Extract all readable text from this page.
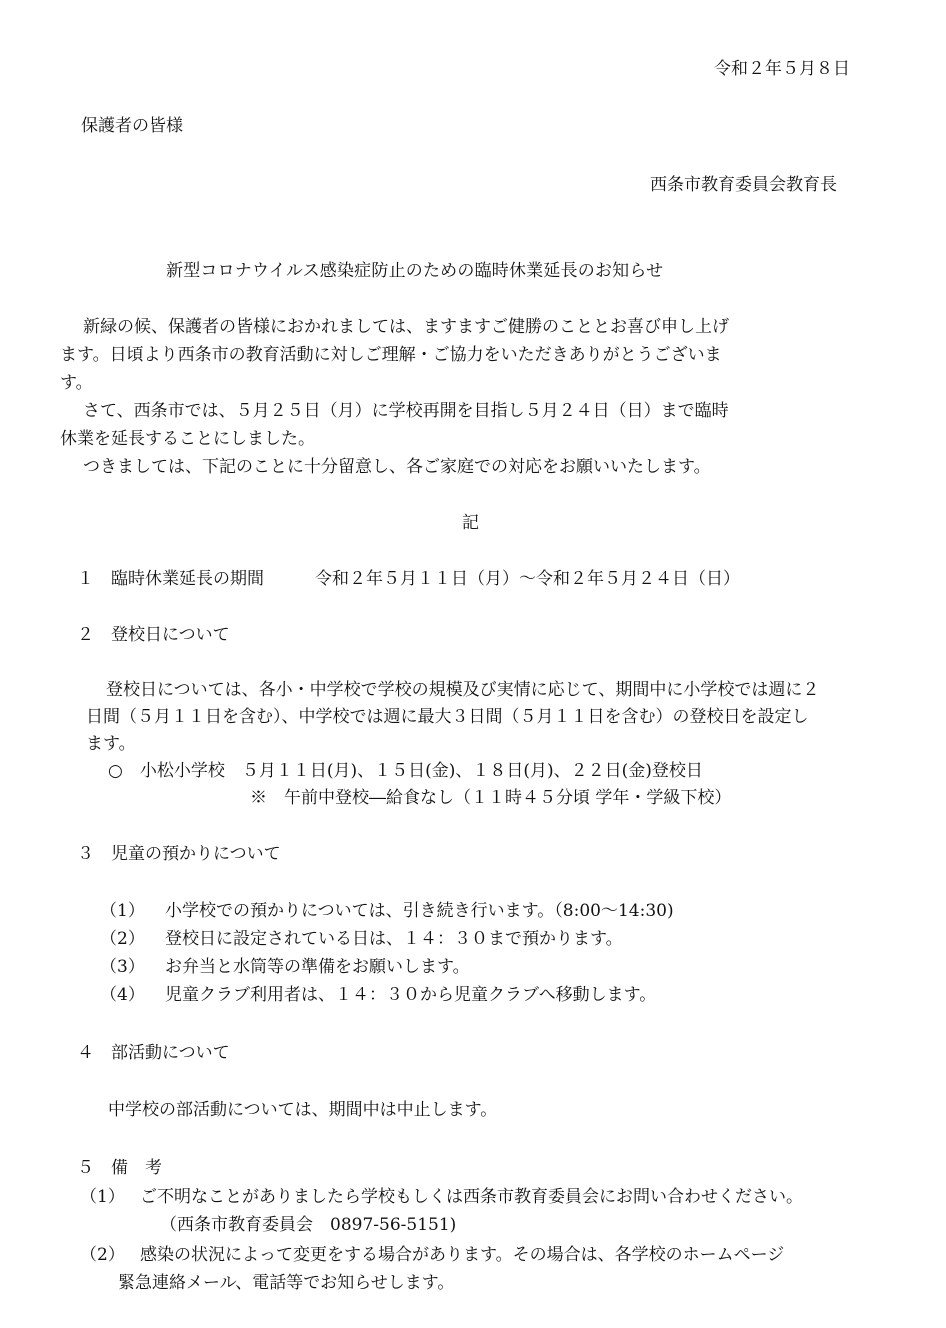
令和２年５月８日
保護者の皆様
西条市教育委員会教育長
新型コロナウイルス感染症防止のための臨時休業延長のお知らせ
新緑の候、保護者の皆様におかれましては、ますますご健勝のこととお喜び申し上げ
ます。日頃より西条市の教育活動に対しご理解・ご協力をいただきありがとうございま
す。
さて、西条市では、５月２５日（月）に学校再開を目指し５月２４日（日）まで臨時
休業を延長することにしました。
つきましては、下記のことに十分留意し、各ご家庭での対応をお願いいたします。
記
１　臨時休業延長の期間	令和２年５月１１日（月）〜令和２年５月２４日（日）
２　登校日について
登校日については、各小・中学校で学校の規模及び実情に応じて、期間中に小学校では週に２
日間（５月１１日を含む）、中学校では週に最大３日間（５月１１日を含む）の登校日を設定し
ます。
○　小松小学校　５月１１日(月)、１５日(金)、１８日(月)、２２日(金)登校日
※　午前中登校―給食なし（１１時４５分頃 学年・学級下校）
３　児童の預かりについて
（1） 小学校での預かりについては、引き続き行います。（8:00〜14:30)
（2） 登校日に設定されている日は、１４：３０まで預かります。
（3） お弁当と水筒等の準備をお願いします。
（4） 児童クラブ利用者は、１４：３０から児童クラブへ移動します。
４　部活動について
中学校の部活動については、期間中は中止します。
５　備　考
（1） ご不明なことがありましたら学校もしくは西条市教育委員会にお問い合わせください。
（西条市教育委員会　0897-56-5151)
（2） 感染の状況によって変更をする場合があります。その場合は、各学校のホームページ
緊急連絡メール、電話等でお知らせします。
